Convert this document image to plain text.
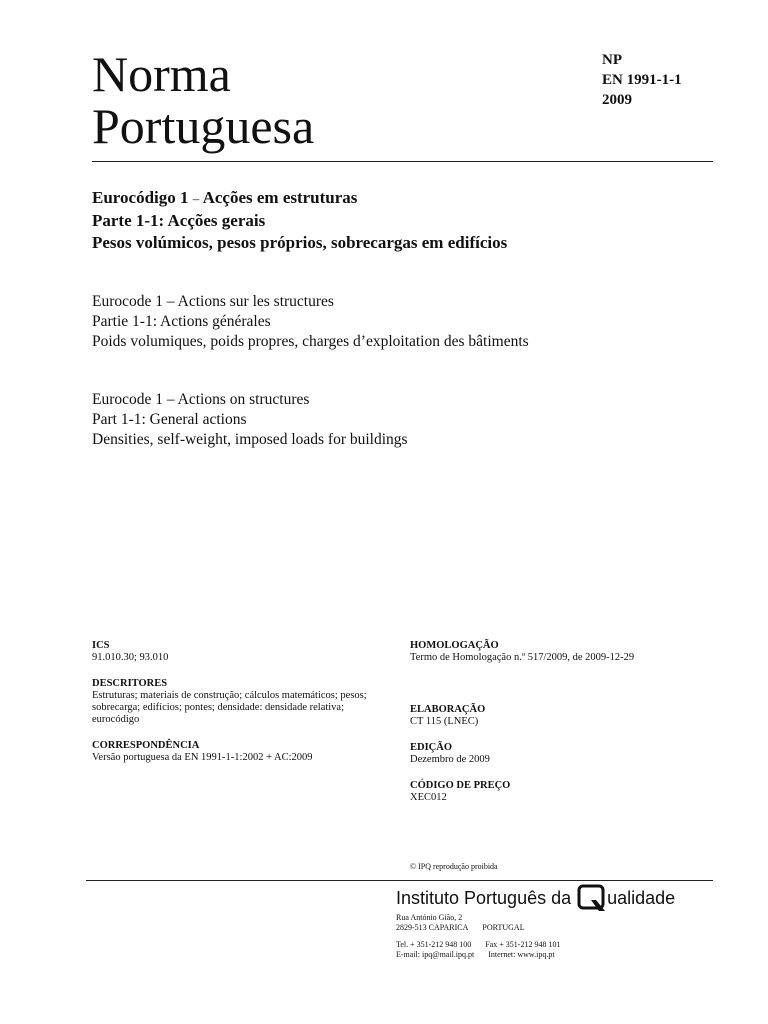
Norma
Portuguesa
NP
EN 1991-1-1
2009
Eurocódigo 1 – Acções em estruturas
Parte 1-1: Acções gerais
Pesos volúmicos, pesos próprios, sobrecargas em edifícios
Eurocode 1 – Actions sur les structures
Partie 1-1: Actions générales
Poids volumiques, poids propres, charges d’exploitation des bâtiments
Eurocode 1 – Actions on structures
Part 1-1: General actions
Densities, self-weight, imposed loads for buildings
ICS
91.010.30; 93.010
DESCRITORES
Estruturas; materiais de construção; cálculos matemáticos; pesos; sobrecarga; edifícios; pontes; densidade: densidade relativa; eurocódigo
CORRESPONDÊNCIA
Versão portuguesa da EN 1991-1-1:2002 + AC:2009
HOMOLOGAÇÃO
Termo de Homologação n.º 517/2009, de 2009-12-29
ELABORAÇÃO
CT 115 (LNEC)
EDIÇÃO
Dezembro de 2009
CÓDIGO DE PREÇO
XEC012
© IPQ reprodução proibida
Instituto Português da ualidade
Rua António Gião, 2
2829-513 CAPARICA PORTUGAL
Tel. + 351-212 948 100 Fax + 351-212 948 101
E-mail: ipq@mail.ipq.pt Internet: www.ipq.pt
